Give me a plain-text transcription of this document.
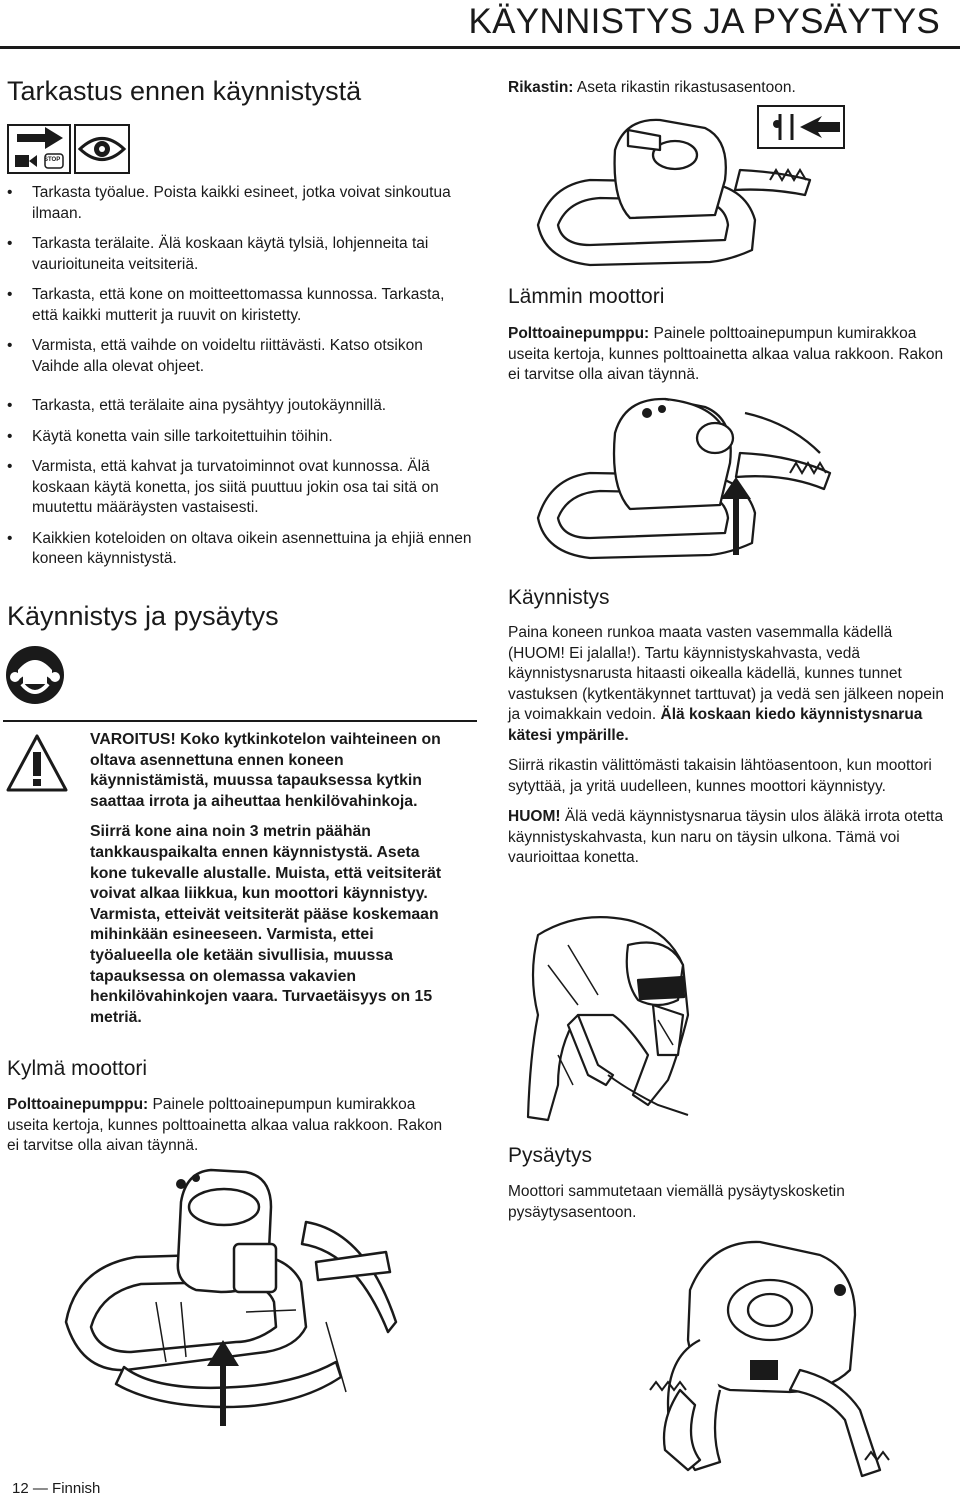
KÄYNNISTYS JA PYSÄYTYS
Tarkastus ennen käynnistystä
STOP
• Tarkasta työalue. Poista kaikki esineet, jotka voivat sinkoutua ilmaan.
• Tarkasta terälaite. Älä koskaan käytä tylsiä, lohjenneita tai vaurioituneita veitsiteriä.
• Tarkasta, että kone on moitteettomassa kunnossa. Tarkasta, että kaikki mutterit ja ruuvit on kiristetty.
• Varmista, että vaihde on voideltu riittävästi. Katso otsikon Vaihde alla olevat ohjeet.
• Tarkasta, että terälaite aina pysähtyy joutokäynnillä.
• Käytä konetta vain sille tarkoitettuihin töihin.
• Varmista, että kahvat ja turvatoiminnot ovat kunnossa. Älä koskaan käytä konetta, jos siitä puuttuu jokin osa tai sitä on muutettu määräysten vastaisesti.
• Kaikkien koteloiden on oltava oikein asennettuina ja ehjiä ennen koneen käynnistystä.
Käynnistys ja pysäytys

VAROITUS! Koko kytkinkotelon vaihteineen on oltava asennettuna ennen koneen käynnistämistä, muussa tapauksessa kytkin saattaa irrota ja aiheuttaa henkilövahinkoja.

Siirrä kone aina noin 3 metrin päähän tankkauspaikalta ennen käynnistystä. Aseta kone tukevalle alustalle. Muista, että veitsiterät voivat alkaa liikkua, kun moottori käynnistyy. Varmista, etteivät veitsiterät pääse koskemaan mihinkään esineeseen. Varmista, ettei työalueella ole ketään sivullisia, muussa tapauksessa on olemassa vakavien henkilövahinkojen vaara. Turvaetäisyys on 15 metriä.

Kylmä moottori
Polttoainepumppu: Painele polttoainepumpun kumirakkoa useita kertoja, kunnes polttoainetta alkaa valua rakkoon. Rakon ei tarvitse olla aivan täynnä.
Rikastin: Aseta rikastin rikastusasentoon.
Lämmin moottori
Polttoainepumppu: Painele polttoainepumpun kumirakkoa useita kertoja, kunnes polttoainetta alkaa valua rakkoon. Rakon ei tarvitse olla aivan täynnä.
Käynnistys

Paina koneen runkoa maata vasten vasemmalla kädellä (HUOM! Ei jalalla!). Tartu käynnistyskahvasta, vedä käynnistysnarusta hitaasti oikealla kädellä, kunnes tunnet vastuksen (kytkentäkynnet tarttuvat) ja vedä sen jälkeen nopein ja voimakkain vedoin. Älä koskaan kiedo käynnistysnarua kätesi ympärille.

Siirrä rikastin välittömästi takaisin lähtöasentoon, kun moottori sytyttää, ja yritä uudelleen, kunnes moottori käynnistyy.

HUOM! Älä vedä käynnistysnarua täysin ulos äläkä irrota otetta käynnistyskahvasta, kun naru on täysin ulkona. Tämä voi vaurioittaa konetta.

Pysäytys
Moottori sammutetaan viemällä pysäytyskosketin pysäytysasentoon.
12 — Finnish
